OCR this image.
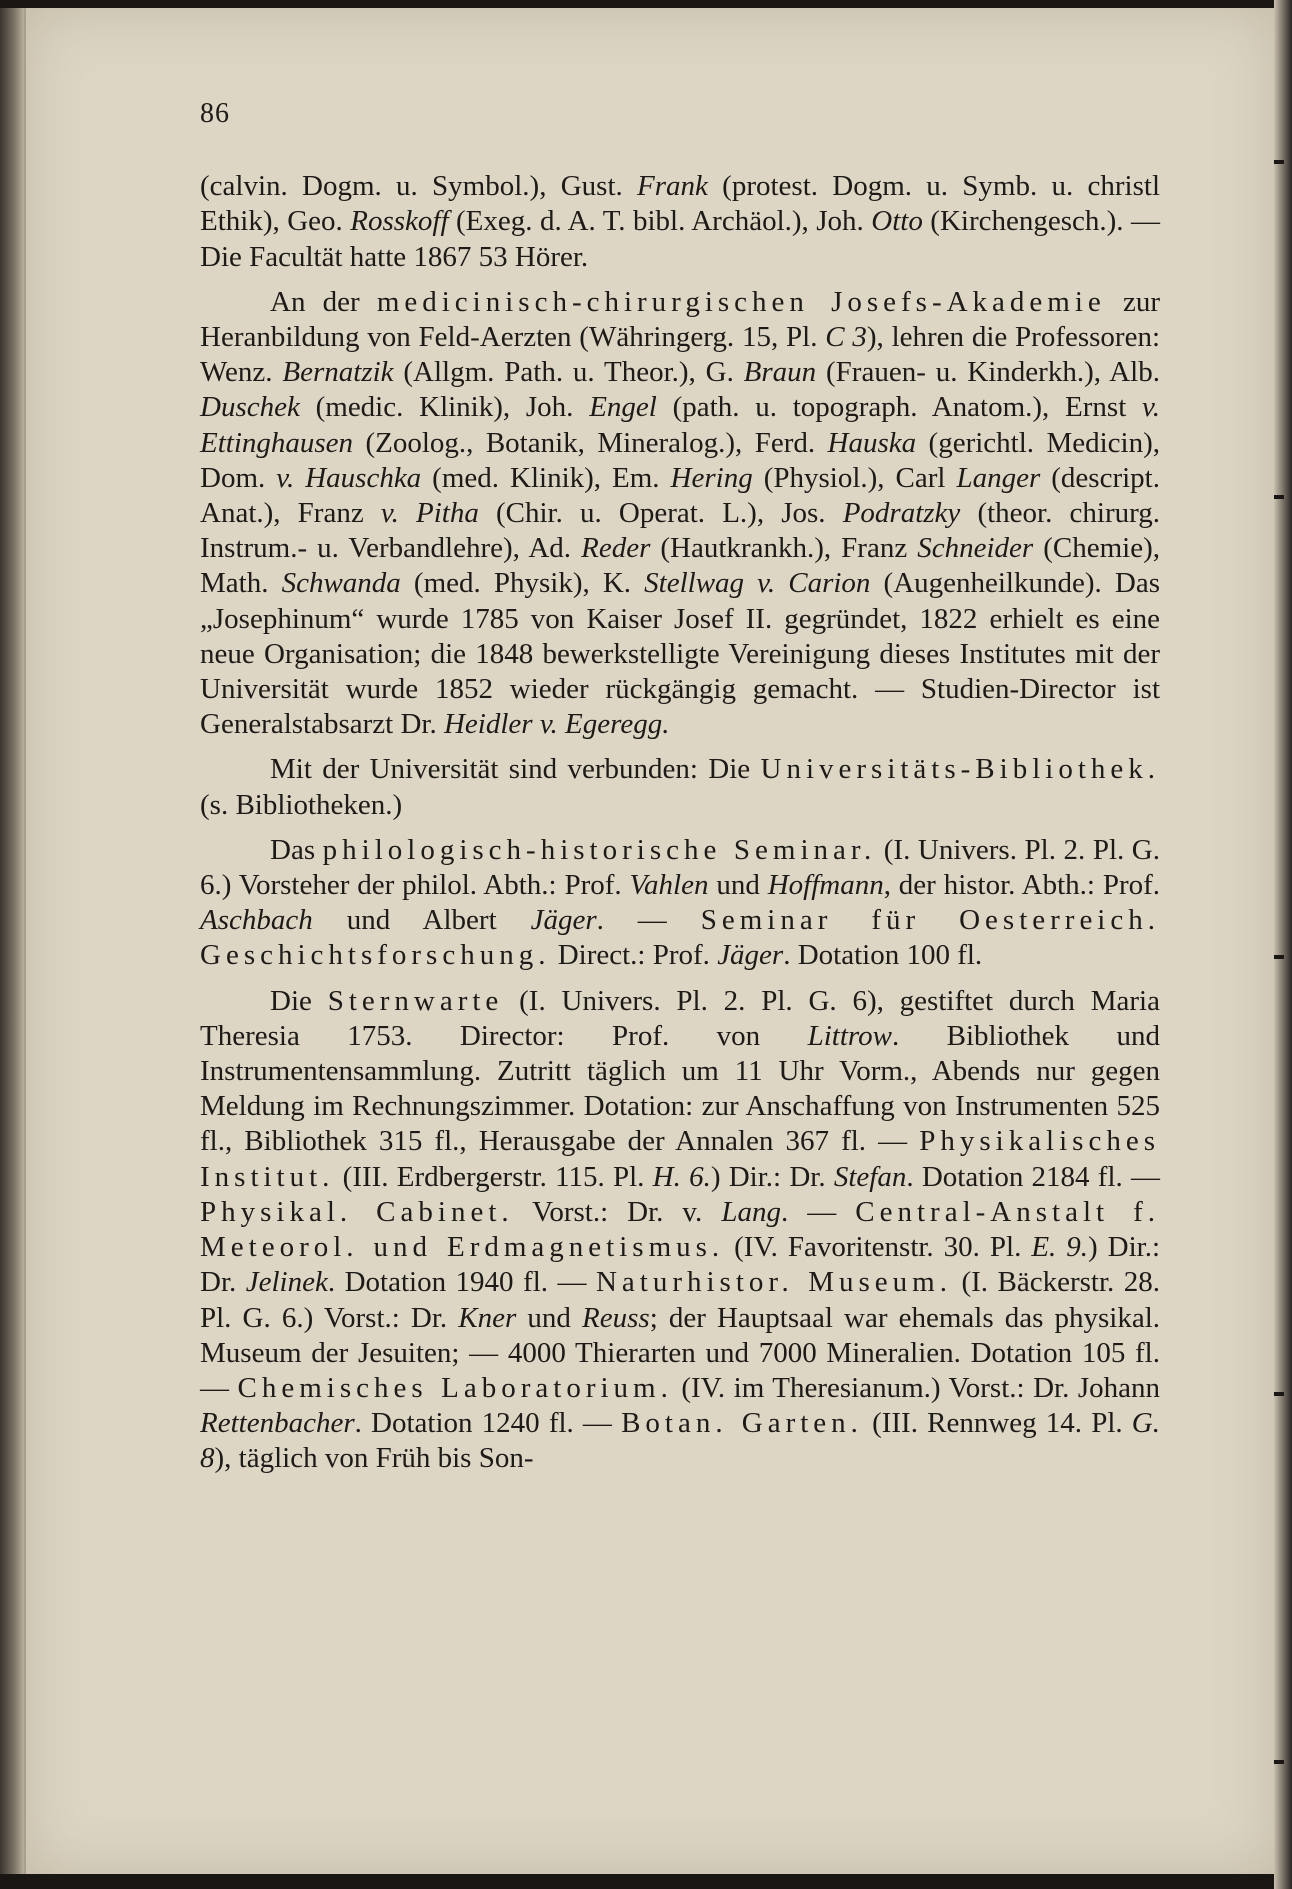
86

(calvin. Dogm. u. Symbol.), Gust. Frank (protest. Dogm. u. Symb. u. christl Ethik), Geo. Rosskoff (Exeg. d. A. T. bibl. Archäol.), Joh. Otto (Kirchengesch.). — Die Facultät hatte 1867 53 Hörer.

An der medicinisch-chirurgischen Josefs-Akademie zur Heranbildung von Feld-Aerzten (Währingerg. 15, Pl. C 3), lehren die Professoren: Wenz. Bernatzik (Allgm. Path. u. Theor.), G. Braun (Frauen- u. Kinderkh.), Alb. Duschek (medic. Klinik), Joh. Engel (path. u. topograph. Anatom.), Ernst v. Ettinghausen (Zoolog., Botanik, Mineralog.), Ferd. Hauska (gerichtl. Medicin), Dom. v. Hauschka (med. Klinik), Em. Hering (Physiol.), Carl Langer (descript. Anat.), Franz v. Pitha (Chir. u. Operat. L.), Jos. Podratzky (theor. chirurg. Instrum.- u. Verbandlehre), Ad. Reder (Hautkrankh.), Franz Schneider (Chemie), Math. Schwanda (med. Physik), K. Stellwag v. Carion (Augenheilkunde). Das „Josephinum“ wurde 1785 von Kaiser Josef II. gegründet, 1822 erhielt es eine neue Organisation; die 1848 bewerkstelligte Vereinigung dieses Institutes mit der Universität wurde 1852 wieder rückgängig gemacht. — Studien-Director ist Generalstabsarzt Dr. Heidler v. Egeregg.

Mit der Universität sind verbunden: Die Universitäts-Bibliothek. (s. Bibliotheken.)

Das philologisch-historische Seminar. (I. Univers. Pl. 2. Pl. G. 6.) Vorsteher der philol. Abth.: Prof. Vahlen und Hoffmann, der histor. Abth.: Prof. Aschbach und Albert Jäger. — Seminar für Oesterreich. Geschichtsforschung. Direct.: Prof. Jäger. Dotation 100 fl.

Die Sternwarte (I. Univers. Pl. 2. Pl. G. 6), gestiftet durch Maria Theresia 1753. Director: Prof. von Littrow. Bibliothek und Instrumentensammlung. Zutritt täglich um 11 Uhr Vorm., Abends nur gegen Meldung im Rechnungszimmer. Dotation: zur Anschaffung von Instrumenten 525 fl., Bibliothek 315 fl., Herausgabe der Annalen 367 fl. — Physikalisches Institut. (III. Erdbergerstr. 115. Pl. H. 6.) Dir.: Dr. Stefan. Dotation 2184 fl. — Physikal. Cabinet. Vorst.: Dr. v. Lang. — Central-Anstalt f. Meteorol. und Erdmagnetismus. (IV. Favoritenstr. 30. Pl. E. 9.) Dir.: Dr. Jelinek. Dotation 1940 fl. — Naturhistor. Museum. (I. Bäckerstr. 28. Pl. G. 6.) Vorst.: Dr. Kner und Reuss; der Hauptsaal war ehemals das physikal. Museum der Jesuiten; — 4000 Thierarten und 7000 Mineralien. Dotation 105 fl. — Chemisches Laboratorium. (IV. im Theresianum.) Vorst.: Dr. Johann Rettenbacher. Dotation 1240 fl. — Botan. Garten. (III. Rennweg 14. Pl. G. 8), täglich von Früh bis Son-
